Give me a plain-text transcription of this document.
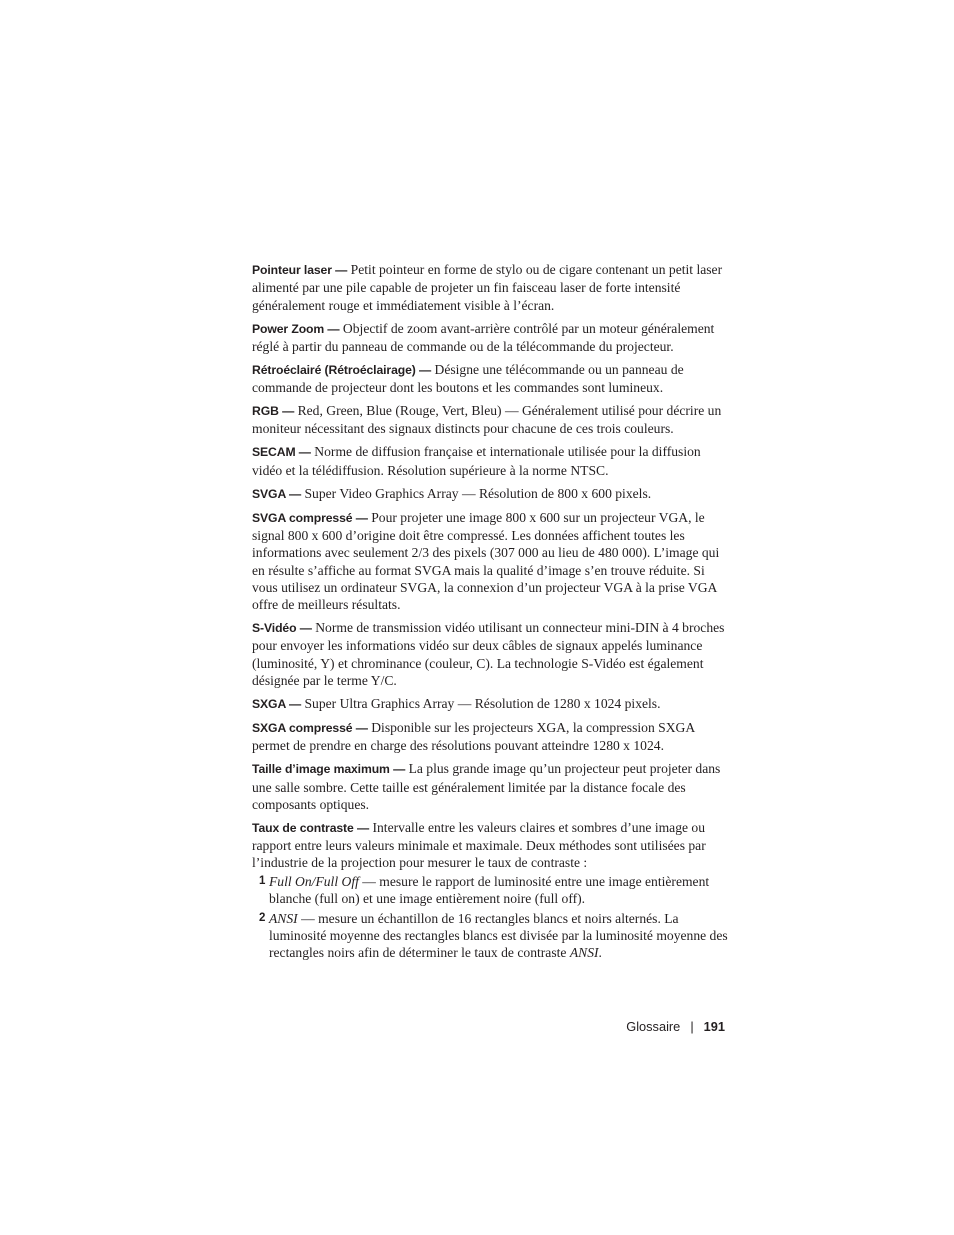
Pointeur laser — Petit pointeur en forme de stylo ou de cigare contenant un petit laser alimenté par une pile capable de projeter un fin faisceau laser de forte intensité généralement rouge et immédiatement visible à l’écran.

Power Zoom — Objectif de zoom avant-arrière contrôlé par un moteur généralement réglé à partir du panneau de commande ou de la télécommande du projecteur.

Rétroéclairé (Rétroéclairage) — Désigne une télécommande ou un panneau de commande de projecteur dont les boutons et les commandes sont lumineux.

RGB — Red, Green, Blue (Rouge, Vert, Bleu) — Généralement utilisé pour décrire un moniteur nécessitant des signaux distincts pour chacune de ces trois couleurs.

SECAM — Norme de diffusion française et internationale utilisée pour la diffusion vidéo et la télédiffusion. Résolution supérieure à la norme NTSC.

SVGA — Super Video Graphics Array — Résolution de 800 x 600 pixels.

SVGA compressé — Pour projeter une image 800 x 600 sur un projecteur VGA, le signal 800 x 600 d’origine doit être compressé. Les données affichent toutes les informations avec seulement 2/3 des pixels (307 000 au lieu de 480 000). L’image qui en résulte s’affiche au format SVGA mais la qualité d’image s’en trouve réduite. Si vous utilisez un ordinateur SVGA, la connexion d’un projecteur VGA à la prise VGA offre de meilleurs résultats.

S-Vidéo — Norme de transmission vidéo utilisant un connecteur mini-DIN à 4 broches pour envoyer les informations vidéo sur deux câbles de signaux appelés luminance (luminosité, Y) et chrominance (couleur, C). La technologie S-Vidéo est également désignée par le terme Y/C.

SXGA — Super Ultra Graphics Array — Résolution de 1280 x 1024 pixels.

SXGA compressé — Disponible sur les projecteurs XGA, la compression SXGA permet de prendre en charge des résolutions pouvant atteindre 1280 x 1024.

Taille d’image maximum — La plus grande image qu’un projecteur peut projeter dans une salle sombre. Cette taille est généralement limitée par la distance focale des composants optiques.

Taux de contraste — Intervalle entre les valeurs claires et sombres d’une image ou rapport entre leurs valeurs minimale et maximale. Deux méthodes sont utilisées par l’industrie de la projection pour mesurer le taux de contraste :

1 Full On/Full Off — mesure le rapport de luminosité entre une image entièrement blanche (full on) et une image entièrement noire (full off).
2 ANSI — mesure un échantillon de 16 rectangles blancs et noirs alternés. La luminosité moyenne des rectangles blancs est divisée par la luminosité moyenne des rectangles noirs afin de déterminer le taux de contraste ANSI.
Glossaire | 191
